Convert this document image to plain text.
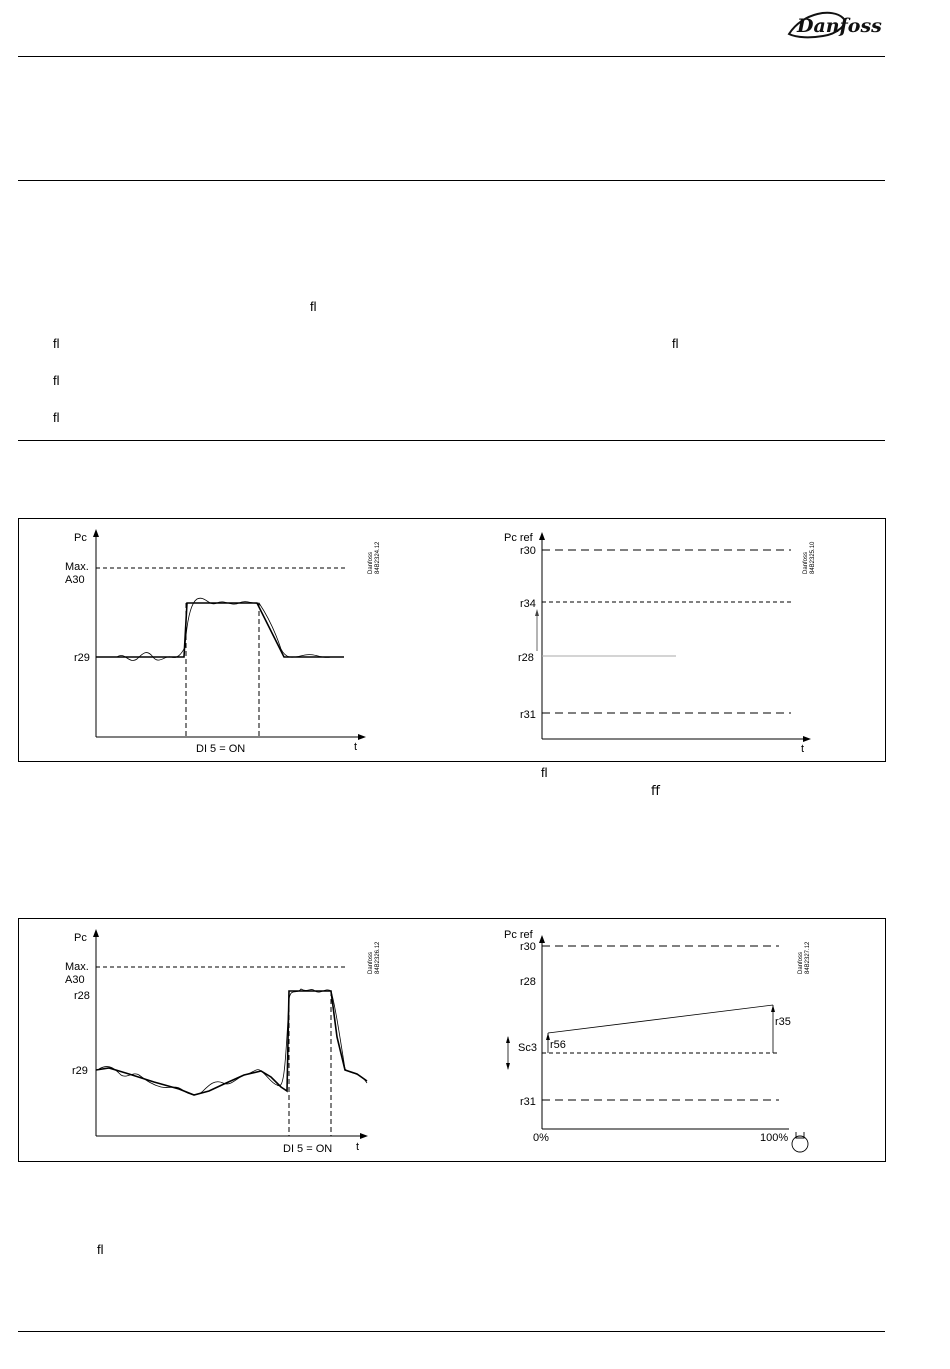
Danfoss
ﬂ
ﬂ	ﬂ
ﬂ
ﬂ
Pc
Max.
A30
r29
DI 5 = ON	t
Danfoss 84B2324.12
Pc ref
r30
r34
r28
r31
t
Danfoss 84B2325.10
ﬂ
ﬀ
Pc
Max.
A30
r28
r29
DI 5 = ON t
Danfoss 84B2326.12
Pc ref
r30
r28
Sc3 r56
r35
r31
0%	100%
Danfoss 84B2327.12
ﬂ
